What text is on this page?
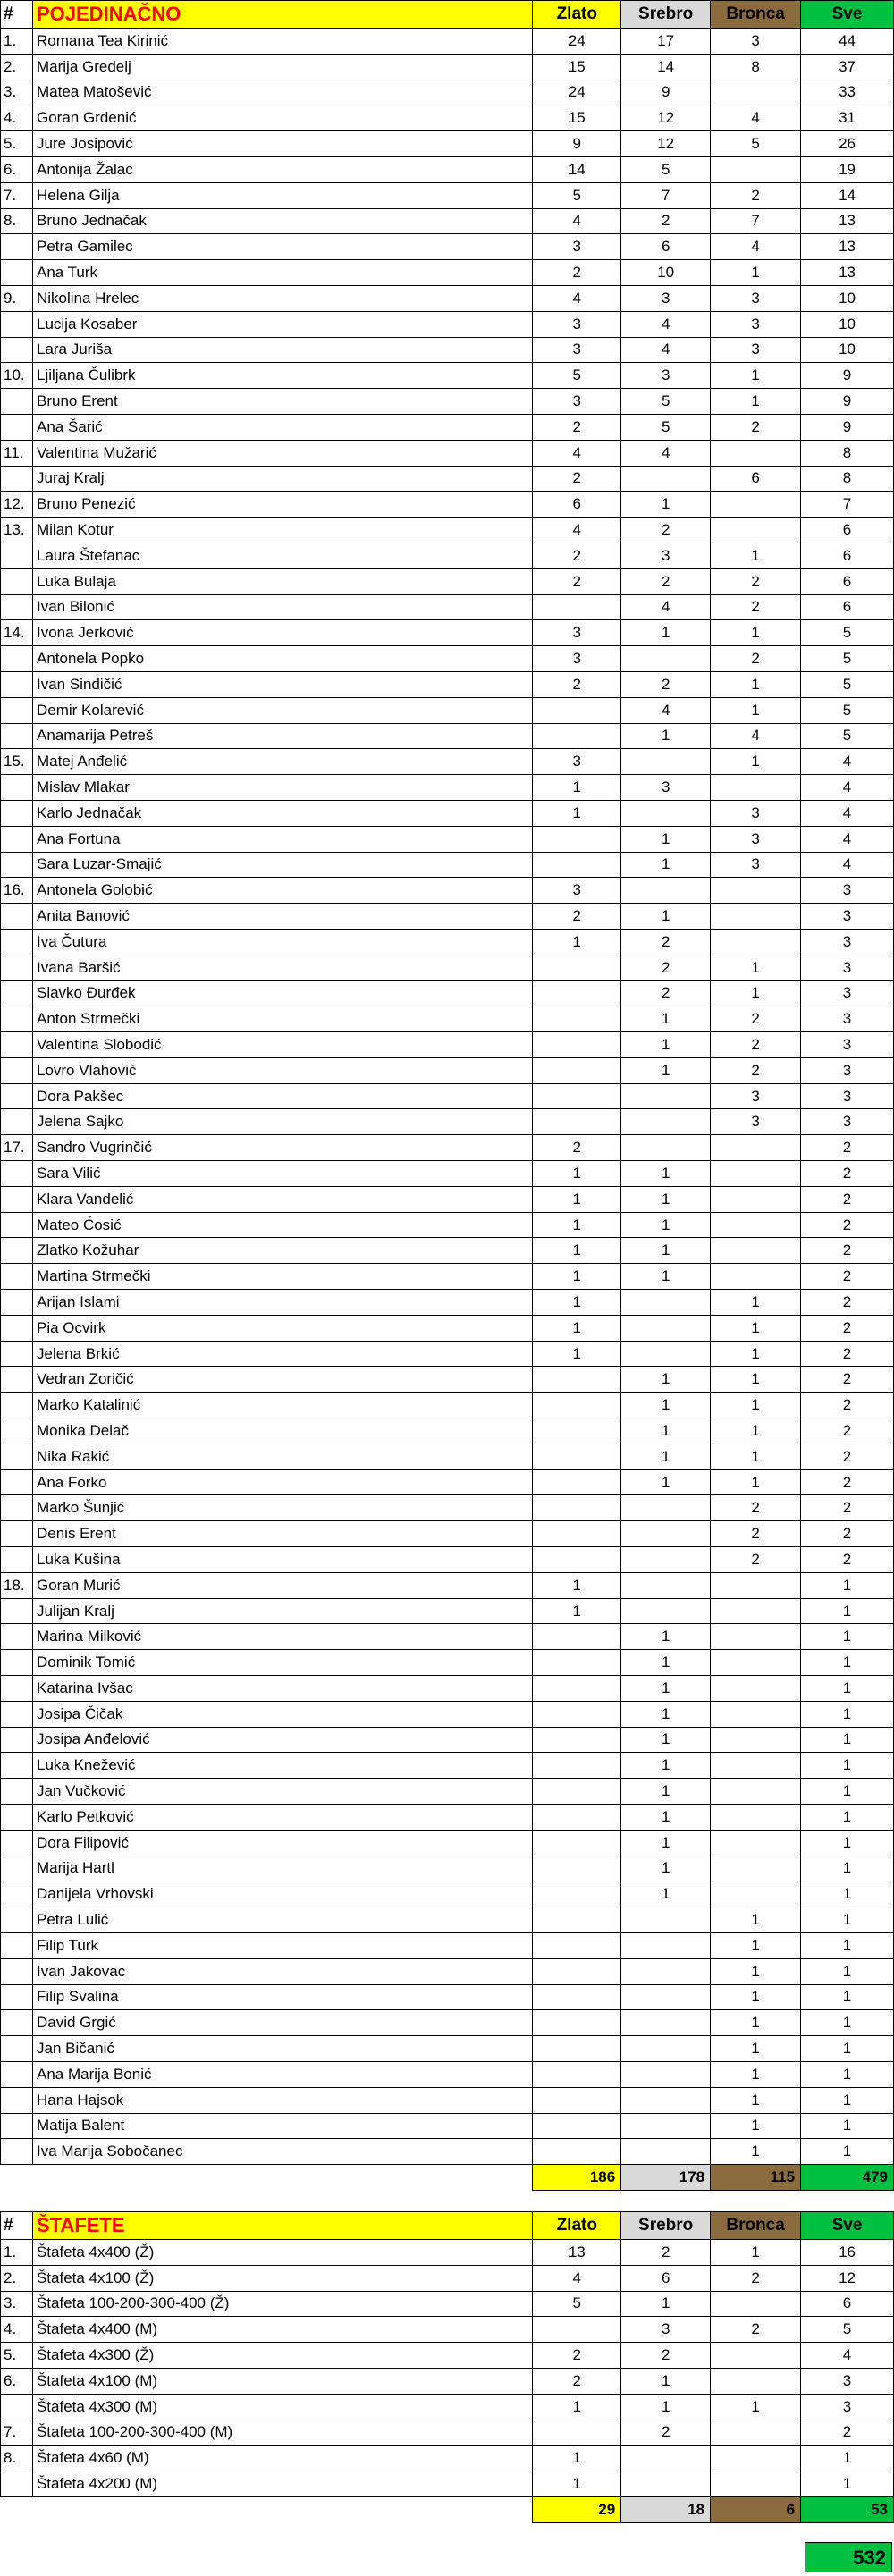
#	POJEDINAČNO	Zlato	Srebro	Bronca	Sve
1.	Romana Tea Kirinić	24	17	3	44
2.	Marija Gredelj	15	14	8	37
3.	Matea Matošević	24	9		33
4.	Goran Grdenić	15	12	4	31
5.	Jure Josipović	9	12	5	26
6.	Antonija Žalac	14	5		19
7.	Helena Gilja	5	7	2	14
8.	Bruno Jednačak	4	2	7	13
	Petra Gamilec	3	6	4	13
	Ana Turk	2	10	1	13
9.	Nikolina Hrelec	4	3	3	10
	Lucija Kosaber	3	4	3	10
	Lara Juriša	3	4	3	10
10.	Ljiljana Čulibrk	5	3	1	9
	Bruno Erent	3	5	1	9
	Ana Šarić	2	5	2	9
11.	Valentina Mužarić	4	4		8
	Juraj Kralj	2		6	8
12.	Bruno Penezić	6	1		7
13.	Milan Kotur	4	2		6
	Laura Štefanac	2	3	1	6
	Luka Bulaja	2	2	2	6
	Ivan Bilonić		4	2	6
14.	Ivona Jerković	3	1	1	5
	Antonela Popko	3		2	5
	Ivan Sindičić	2	2	1	5
	Demir Kolarević		4	1	5
	Anamarija Petreš		1	4	5
15.	Matej Anđelić	3		1	4
	Mislav Mlakar	1	3		4
	Karlo Jednačak	1		3	4
	Ana Fortuna		1	3	4
	Sara Luzar-Smajić		1	3	4
16.	Antonela Golobić	3			3
	Anita Banović	2	1		3
	Iva Čutura	1	2		3
	Ivana Baršić		2	1	3
	Slavko Đurđek		2	1	3
	Anton Strmečki		1	2	3
	Valentina Slobodić		1	2	3
	Lovro Vlahović		1	2	3
	Dora Pakšec			3	3
	Jelena Sajko			3	3
17.	Sandro Vugrinčić	2			2
	Sara Vilić	1	1		2
	Klara Vandelić	1	1		2
	Mateo Ćosić	1	1		2
	Zlatko Kožuhar	1	1		2
	Martina Strmečki	1	1		2
	Arijan Islami	1		1	2
	Pia Ocvirk	1		1	2
	Jelena Brkić	1		1	2
	Vedran Zoričić		1	1	2
	Marko Katalinić		1	1	2
	Monika Delač		1	1	2
	Nika Rakić		1	1	2
	Ana Forko		1	1	2
	Marko Šunjić			2	2
	Denis Erent			2	2
	Luka Kušina			2	2
18.	Goran Murić	1			1
	Julijan Kralj	1			1
	Marina Milković		1		1
	Dominik Tomić		1		1
	Katarina Ivšac		1		1
	Josipa Čičak		1		1
	Josipa Anđelović		1		1
	Luka Knežević		1		1
	Jan Vučković		1		1
	Karlo Petković		1		1
	Dora Filipović		1		1
	Marija Hartl		1		1
	Danijela Vrhovski		1		1
	Petra Lulić			1	1
	Filip Turk			1	1
	Ivan Jakovac			1	1
	Filip Svalina			1	1
	David Grgić			1	1
	Jan Bičanić			1	1
	Ana Marija Bonić			1	1
	Hana Hajsok			1	1
	Matija Balent			1	1
	Iva Marija Sobočanec			1	1
		186	178	115	479
#	ŠTAFETE	Zlato	Srebro	Bronca	Sve
1.	Štafeta 4x400 (Ž)	13	2	1	16
2.	Štafeta 4x100 (Ž)	4	6	2	12
3.	Štafeta 100-200-300-400 (Ž)	5	1		6
4.	Štafeta 4x400 (M)		3	2	5
5.	Štafeta 4x300 (Ž)	2	2		4
6.	Štafeta 4x100 (M)	2	1		3
	Štafeta 4x300 (M)	1	1	1	3
7.	Štafeta 100-200-300-400 (M)		2		2
8.	Štafeta 4x60 (M)	1			1
	Štafeta 4x200 (M)	1			1
		29	18	6	53
532
